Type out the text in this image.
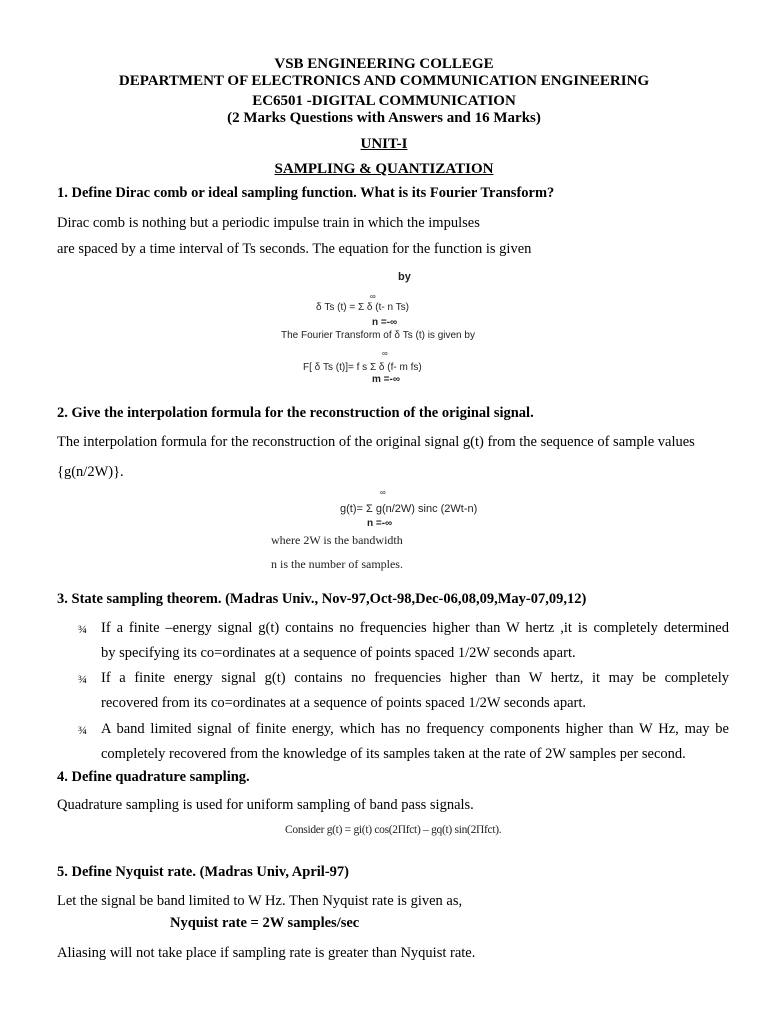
VSB ENGINEERING COLLEGE
DEPARTMENT OF ELECTRONICS AND COMMUNICATION ENGINEERING
EC6501 -DIGITAL COMMUNICATION
(2 Marks Questions with Answers and 16 Marks)
UNIT-I
SAMPLING & QUANTIZATION
1. Define Dirac comb or ideal sampling function. What is its Fourier Transform?
Dirac comb is nothing but a periodic impulse train in which the impulses
are spaced by a time interval of Ts seconds. The equation for the function is given
by
∞
δ Ts (t) = Σ δ (t- n Ts)
n =-∞
The Fourier Transform of δ Ts (t) is given by
∞
F[ δ Ts (t)]= f s Σ δ (f- m fs)
m =-∞
2. Give the interpolation formula for the reconstruction of the original signal.
The interpolation formula for the reconstruction of the original signal g(t) from the sequence of sample values
{g(n/2W)}.
∞
g(t)= Σ g(n/2W) sinc (2Wt-n)
n =-∞
where 2W is the bandwidth
n is the number of samples.
3. State sampling theorem. (Madras Univ., Nov-97,Oct-98,Dec-06,08,09,May-07,09,12)
¾ If a finite –energy signal g(t) contains no frequencies higher than W hertz ,it is completely determined
by specifying its co=ordinates at a sequence of points spaced 1/2W seconds apart.
¾ If a finite energy signal g(t) contains no frequencies higher than W hertz, it may be completely
recovered from its co=ordinates at a sequence of points spaced 1/2W seconds apart.
¾ A band limited signal of finite energy, which has no frequency components higher than W Hz, may be
completely recovered from the knowledge of its samples taken at the rate of 2W samples per second.
4. Define quadrature sampling.
Quadrature sampling is used for uniform sampling of band pass signals.
Consider g(t) = gi(t) cos(2Πfct) – gq(t) sin(2Πfct).
5. Define Nyquist rate. (Madras Univ, April-97)
Let the signal be band limited to W Hz. Then Nyquist rate is given as,
Nyquist rate = 2W samples/sec
Aliasing will not take place if sampling rate is greater than Nyquist rate.
